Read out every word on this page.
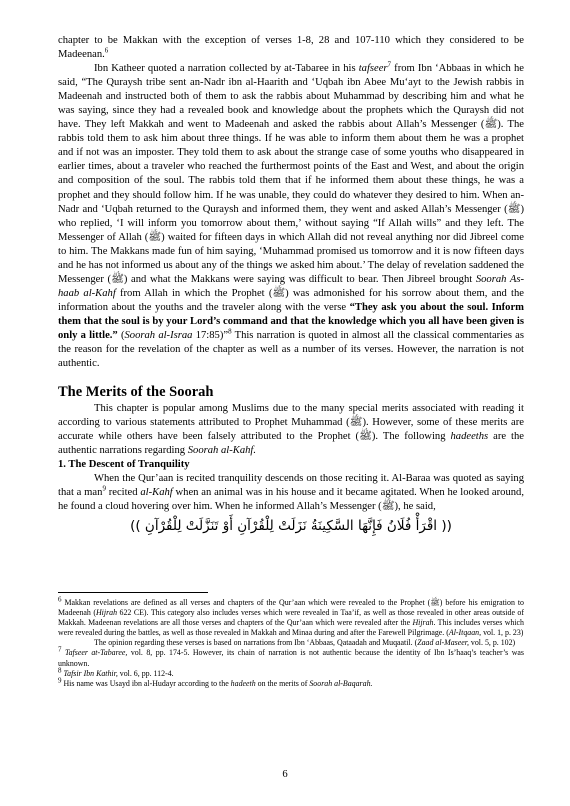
chapter to be Makkan with the exception of verses 1-8, 28 and 107-110 which they considered to be Madeenan.$^6$

Ibn Katheer quoted a narration collected by at-Tabaree in his tafseer$^7$ from Ibn ‘Abbaas in which he said, “The Quraysh tribe sent an-Nadr ibn al-Haarith and ‘Uqbah ibn Abee Mu‘ayt to the Jewish rabbis in Madeenah and instructed both of them to ask the rabbis about Muhammad by describing him and what he was saying, since they had a revealed book and knowledge about the prophets which the Quraysh did not have. They left Makkah and went to Madeenah and asked the rabbis about Allah’s Messenger (ﷺ). The rabbis told them to ask him about three things. If he was able to inform them about them he was a prophet and if not was an imposter. They told them to ask about the strange case of some youths who disappeared in earlier times, about a traveler who reached the furthermost points of the East and West, and about the origin and composition of the soul. The rabbis told them that if he informed them about these things, he was a prophet and they should follow him. If he was unable, they could do whatever they desired to him. When an-Nadr and ‘Uqbah returned to the Quraysh and informed them, they went and asked Allah’s Messenger (ﷺ) who replied, ‘I will inform you tomorrow about them,’ without saying “If Allah wills” and they left. The Messenger of Allah (ﷺ) waited for fifteen days in which Allah did not reveal anything nor did Jibreel come to him. The Makkans made fun of him saying, ‘Muhammad promised us tomorrow and it is now fifteen days and he has not informed us about any of the things we asked him about.’ The delay of revelation saddened the Messenger (ﷺ) and what the Makkans were saying was difficult to bear. Then Jibreel brought Soorah As-haab al-Kahf from Allah in which the Prophet (ﷺ) was admonished for his sorrow about them, and the information about the youths and the traveler along with the verse “They ask you about the soul. Inform them that the soul is by your Lord’s command and that the knowledge which you all have been given is only a little.” (Soorah al-Israa 17:85)”$^8$ This narration is quoted in almost all the classical commentaries as the reason for the revelation of the chapter as well as a number of its verses. However, the narration is not authentic.

The Merits of the Soorah

This chapter is popular among Muslims due to the many special merits associated with reading it according to various statements attributed to Prophet Muhammad (ﷺ). However, some of these merits are accurate while others have been falsely attributed to the Prophet (ﷺ). The following hadeeths are the authentic narrations regarding Soorah al-Kahf.

1. The Descent of Tranquility

When the Qur’aan is recited tranquility descends on those reciting it. Al-Baraa was quoted as saying that a man$^9$ recited al-Kahf when an animal was in his house and it became agitated. When he looked around, he found a cloud hovering over him. When he informed Allah’s Messenger (ﷺ), he said,

(( اقْرَأْ فُلَانُ فَإِنَّهَا السَّكِينَةُ نَزَلَتْ لِلْقُرْآنِ أَوْ تَنَزَّلَتْ لِلْقُرْآنِ ))

$^6$ Makkan revelations are defined as all verses and chapters of the Qur’aan which were revealed to the Prophet (ﷺ) before his emigration to Madeenah (Hijrah 622 CE). This category also includes verses which were revealed in Taa’if, as well as those revealed in other areas outside of Makkah. Madeenan revelations are all those verses and chapters of the Qur’aan which were revealed after the Hijrah. This includes verses which were revealed during the battles, as well as those revealed in Makkah and Minaa during and after the Farewell Pilgrimage. (Al-Itqaan, vol. 1, p. 23)

The opinion regarding these verses is based on narrations from Ibn ‘Abbaas, Qataadah and Muqaatil. (Zaad al-Maseer, vol. 5, p. 102)

$^7$ Tafseer at-Tabaree, vol. 8, pp. 174-5. However, its chain of narration is not authentic because the identity of Ibn Is’haaq’s teacher’s was unknown.

$^8$ Tafsir Ibn Kathir, vol. 6, pp. 112-4.

$^9$ His name was Usayd ibn al-Hudayr according to the hadeeth on the merits of Soorah al-Baqarah.

6
